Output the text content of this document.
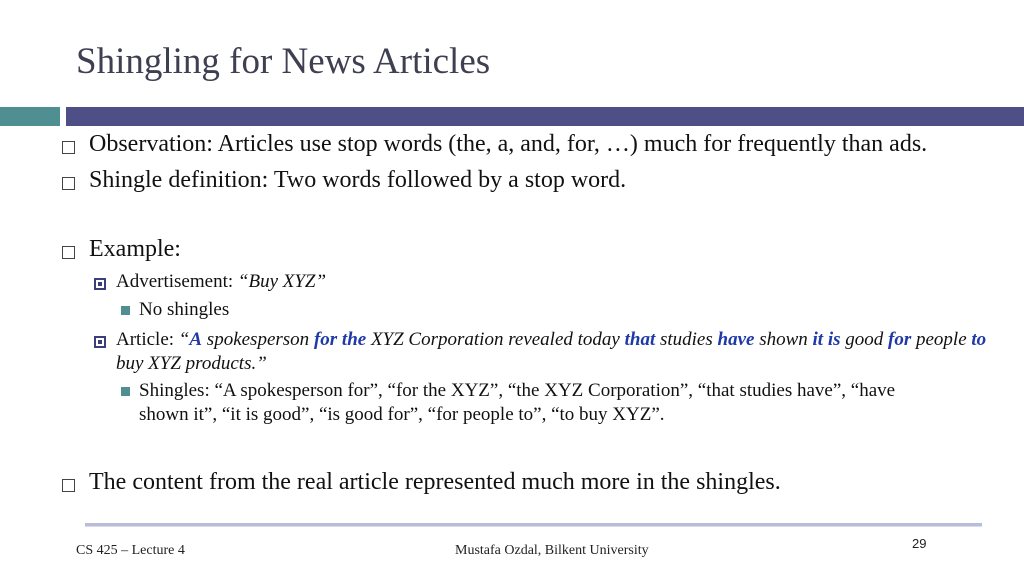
Shingling for News Articles
Observation: Articles use stop words (the, a, and, for, …) much for frequently than ads.
Shingle definition: Two words followed by a stop word.
Example:
Advertisement: “Buy XYZ”
No shingles
Article: “A spokesperson for the XYZ Corporation revealed today that studies have shown it is good for people to buy XYZ products.”
Shingles: “A spokesperson for”, “for the XYZ”, “the XYZ Corporation”, “that studies have”, “have
shown it”, “it is good”, “is good for”, “for people to”, “to buy XYZ”.
The content from the real article represented much more in the shingles.
CS 425 – Lecture 4	Mustafa Ozdal, Bilkent University	29
